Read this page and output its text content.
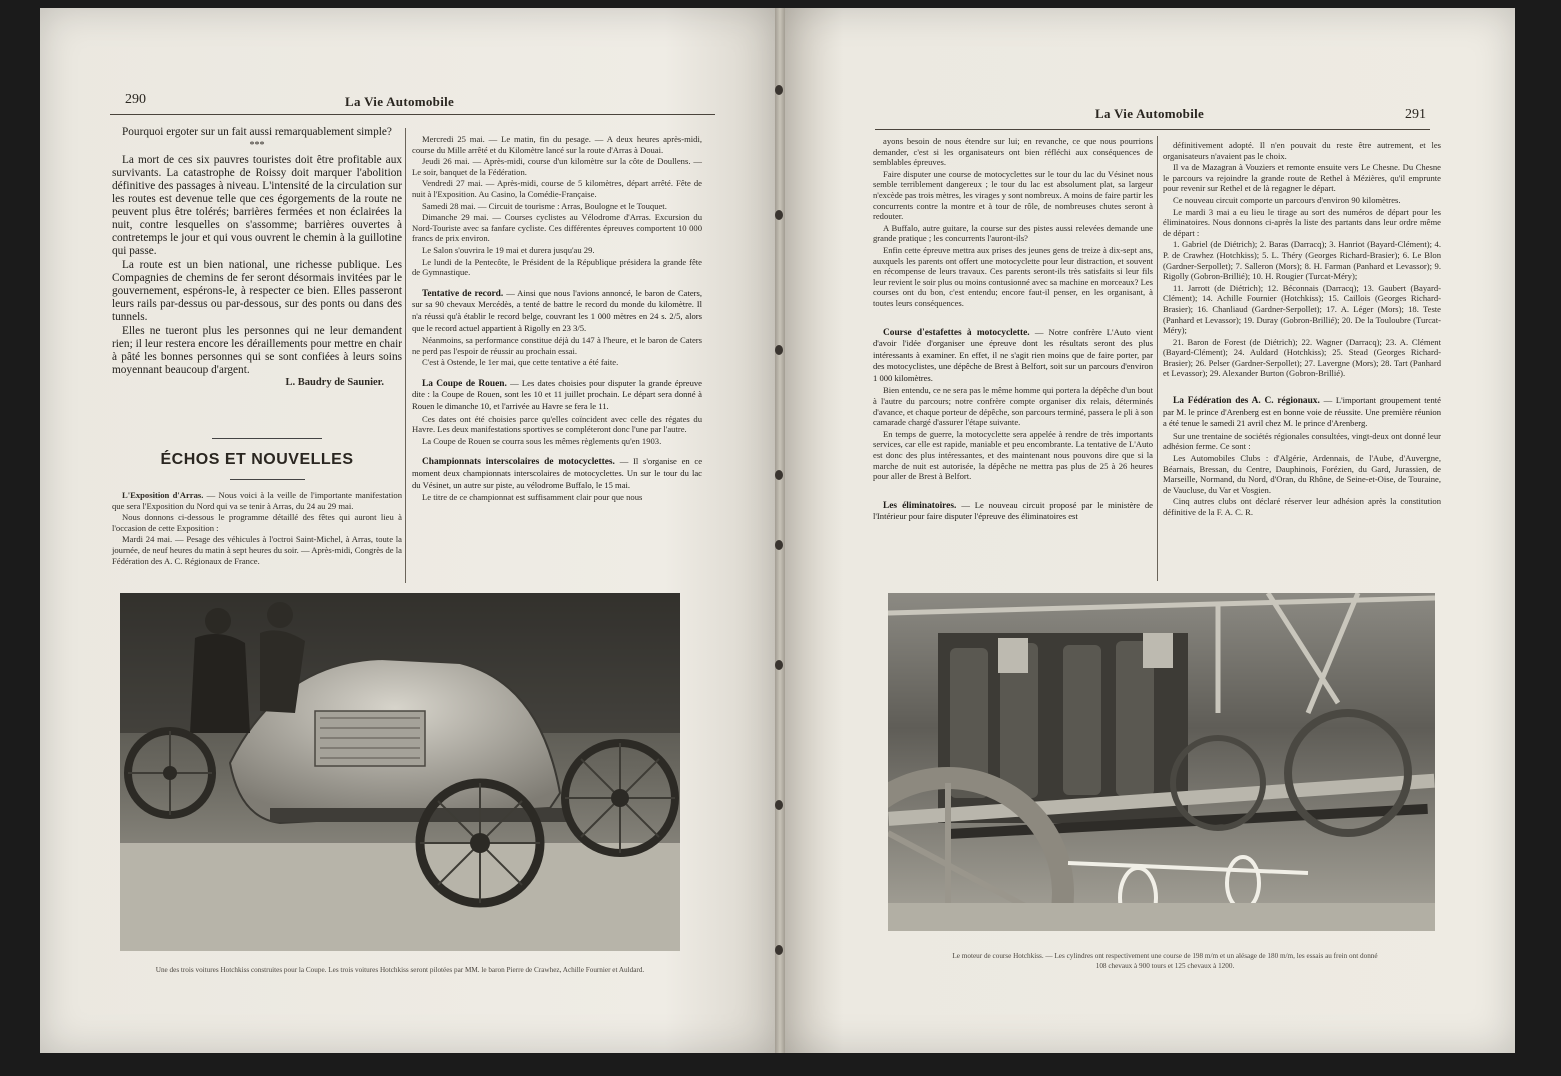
290	La Vie Automobile

Pourquoi ergoter sur un fait aussi remarquablement simple?

***

La mort de ces six pauvres touristes doit être profitable aux survivants. La catastrophe de Roissy doit marquer l'abolition définitive des passages à niveau. L'intensité de la circulation sur les routes est devenue telle que ces égorgements de la route ne peuvent plus être tolérés; barrières fermées et non éclairées la nuit, contre lesquelles on s'assomme; barrières ouvertes à contretemps le jour et qui vous ouvrent le chemin à la guillotine qui passe.

La route est un bien national, une richesse publique. Les Compagnies de chemins de fer seront désormais invitées par le gouvernement, espérons-le, à respecter ce bien. Elles passeront leurs rails par-dessus ou par-dessous, sur des ponts ou dans des tunnels.

Elles ne tueront plus les personnes qui ne leur demandent rien; il leur restera encore les déraillements pour mettre en chair à pâté les bonnes personnes qui se sont confiées à leurs soins moyennant beaucoup d'argent.

L. Baudry de Saunier.
ÉCHOS ET NOUVELLES

L'Exposition d'Arras. — Nous voici à la veille de l'importante manifestation que sera l'Exposition du Nord qui va se tenir à Arras, du 24 au 29 mai.

Nous donnons ci-dessous le programme détaillé des fêtes qui auront lieu à l'occasion de cette Exposition :

Mardi 24 mai. — Pesage des véhicules à l'octroi Saint-Michel, à Arras, toute la journée, de neuf heures du matin à sept heures du soir. — Après-midi, Congrès de la Fédération des A. C. Régionaux de France.

Mercredi 25 mai. — Le matin, fin du pesage. — A deux heures après-midi, course du Mille arrêté et du Kilomètre lancé sur la route d'Arras à Douai.

Jeudi 26 mai. — Après-midi, course d'un kilomètre sur la côte de Doullens. — Le soir, banquet de la Fédération.

Vendredi 27 mai. — Après-midi, course de 5 kilomètres, départ arrêté. Fête de nuit à l'Exposition. Au Casino, la Comédie-Française.

Samedi 28 mai. — Circuit de tourisme : Arras, Boulogne et le Touquet.

Dimanche 29 mai. — Courses cyclistes au Vélodrome d'Arras. Excursion du Nord-Touriste avec sa fanfare cycliste. Ces différentes épreuves comportent 10 000 francs de prix environ.

Le Salon s'ouvrira le 19 mai et durera jusqu'au 29.

Le lundi de la Pentecôte, le Président de la République présidera la grande fête de Gymnastique.

Tentative de record. — Ainsi que nous l'avions annoncé, le baron de Caters, sur sa 90 chevaux Mercédès, a tenté de battre le record du monde du kilomètre. Il n'a réussi qu'à établir le record belge, couvrant les 1 000 mètres en 24 s. 2/5, alors que le record actuel appartient à Rigolly en 23 3/5.

Néanmoins, sa performance constitue déjà du 147 à l'heure, et le baron de Caters ne perd pas l'espoir de réussir au prochain essai.

C'est à Ostende, le 1er mai, que cette tentative a été faite.

La Coupe de Rouen. — Les dates choisies pour disputer la grande épreuve dite : la Coupe de Rouen, sont les 10 et 11 juillet prochain. Le départ sera donné à Rouen le dimanche 10, et l'arrivée au Havre se fera le 11.

Ces dates ont été choisies parce qu'elles coïncident avec celle des régates du Havre. Les deux manifestations sportives se compléteront donc l'une par l'autre.

La Coupe de Rouen se courra sous les mêmes règlements qu'en 1903.

Championnats interscolaires de motocyclettes. — Il s'organise en ce moment deux championnats interscolaires de motocyclettes. Un sur le tour du lac du Vésinet, un autre sur piste, au vélodrome Buffalo, le 15 mai.

Le titre de ce championnat est suffisamment clair pour que nous

Une des trois voitures Hotchkiss construites pour la Coupe. Les trois voitures Hotchkiss seront pilotées par MM. le baron Pierre de Crawhez, Achille Fournier et Auldard.
La Vie Automobile	291

ayons besoin de nous étendre sur lui; en revanche, ce que nous pourrions demander, c'est si les organisateurs ont bien réfléchi aux conséquences de semblables épreuves.

Faire disputer une course de motocyclettes sur le tour du lac du Vésinet nous semble terriblement dangereux ; le tour du lac est absolument plat, sa largeur n'excède pas trois mètres, les virages y sont nombreux. A moins de faire partir les concurrents contre la montre et à tour de rôle, de nombreuses chutes seront à redouter.

A Buffalo, autre guitare, la course sur des pistes aussi relevées demande une grande pratique ; les concurrents l'auront-ils?

Enfin cette épreuve mettra aux prises des jeunes gens de treize à dix-sept ans, auxquels les parents ont offert une motocyclette pour leur distraction, et souvent en récompense de leurs travaux. Ces parents seront-ils très satisfaits si leur fils leur revient le soir plus ou moins contusionné avec sa machine en morceaux? Les courses ont du bon, c'est entendu; encore faut-il penser, en les organisant, à toutes leurs conséquences.

Course d'estafettes à motocyclette. — Notre confrère L'Auto vient d'avoir l'idée d'organiser une épreuve dont les résultats seront des plus intéressants à examiner. En effet, il ne s'agit rien moins que de faire porter, par des motocyclistes, une dépêche de Brest à Belfort, soit sur un parcours d'environ 1 000 kilomètres.

Bien entendu, ce ne sera pas le même homme qui portera la dépêche d'un bout à l'autre du parcours; notre confrère compte organiser dix relais, déterminés d'avance, et chaque porteur de dépêche, son parcours terminé, passera le pli à son camarade chargé d'assurer l'étape suivante.

En temps de guerre, la motocyclette sera appelée à rendre de très importants services, car elle est rapide, maniable et peu encombrante. La tentative de L'Auto est donc des plus intéressantes, et des maintenant nous pouvons dire que si la marche de nuit est autorisée, la dépêche ne mettra pas plus de 25 à 26 heures pour aller de Brest à Belfort.

Les éliminatoires. — Le nouveau circuit proposé par le ministère de l'Intérieur pour faire disputer l'épreuve des éliminatoires est

définitivement adopté. Il n'en pouvait du reste être autrement, et les organisateurs n'avaient pas le choix.

Il va de Mazagran à Vouziers et remonte ensuite vers Le Chesne. Du Chesne le parcours va rejoindre la grande route de Rethel à Mézières, qu'il emprunte pour revenir sur Rethel et de là regagner le départ.

Ce nouveau circuit comporte un parcours d'environ 90 kilomètres.

Le mardi 3 mai a eu lieu le tirage au sort des numéros de départ pour les éliminatoires. Nous donnons ci-après la liste des partants dans leur ordre même de départ :

1. Gabriel (de Diétrich); 2. Baras (Darracq); 3. Hanriot (Bayard-Clément); 4. P. de Crawhez (Hotchkiss); 5. L. Théry (Georges Richard-Brasier); 6. Le Blon (Gardner-Serpollet); 7. Salleron (Mors); 8. H. Farman (Panhard et Levassor); 9. Rigolly (Gobron-Brillié); 10. H. Rougier (Turcat-Méry);

11. Jarrott (de Diétrich); 12. Béconnais (Darracq); 13. Gaubert (Bayard-Clément); 14. Achille Fournier (Hotchkiss); 15. Caillois (Georges Richard-Brasier); 16. Chanliaud (Gardner-Serpollet); 17. A. Léger (Mors); 18. Teste (Panhard et Levassor); 19. Duray (Gobron-Brillié); 20. De la Touloubre (Turcat-Méry);

21. Baron de Forest (de Diétrich); 22. Wagner (Darracq); 23. A. Clément (Bayard-Clément); 24. Auldard (Hotchkiss); 25. Stead (Georges Richard-Brasier); 26. Pelser (Gardner-Serpollet); 27. Lavergne (Mors); 28. Tart (Panhard et Levassor); 29. Alexander Burton (Gobron-Brillié).

La Fédération des A. C. régionaux. — L'important groupement tenté par M. le prince d'Arenberg est en bonne voie de réussite. Une première réunion a été tenue le samedi 21 avril chez M. le prince d'Arenberg.

Sur une trentaine de sociétés régionales consultées, vingt-deux ont donné leur adhésion ferme. Ce sont :

Les Automobiles Clubs : d'Algérie, Ardennais, de l'Aube, d'Auvergne, Béarnais, Bressan, du Centre, Dauphinois, Forézien, du Gard, Jurassien, de Marseille, Normand, du Nord, d'Oran, du Rhône, de Seine-et-Oise, de Touraine, de Vaucluse, du Var et Vosgien.

Cinq autres clubs ont déclaré réserver leur adhésion après la constitution définitive de la F. A. C. R.

Le moteur de course Hotchkiss. — Les cylindres ont respectivement une course de 198 m/m et un alésage de 180 m/m, les essais au frein ont donné
108 chevaux à 900 tours et 125 chevaux à 1200.
